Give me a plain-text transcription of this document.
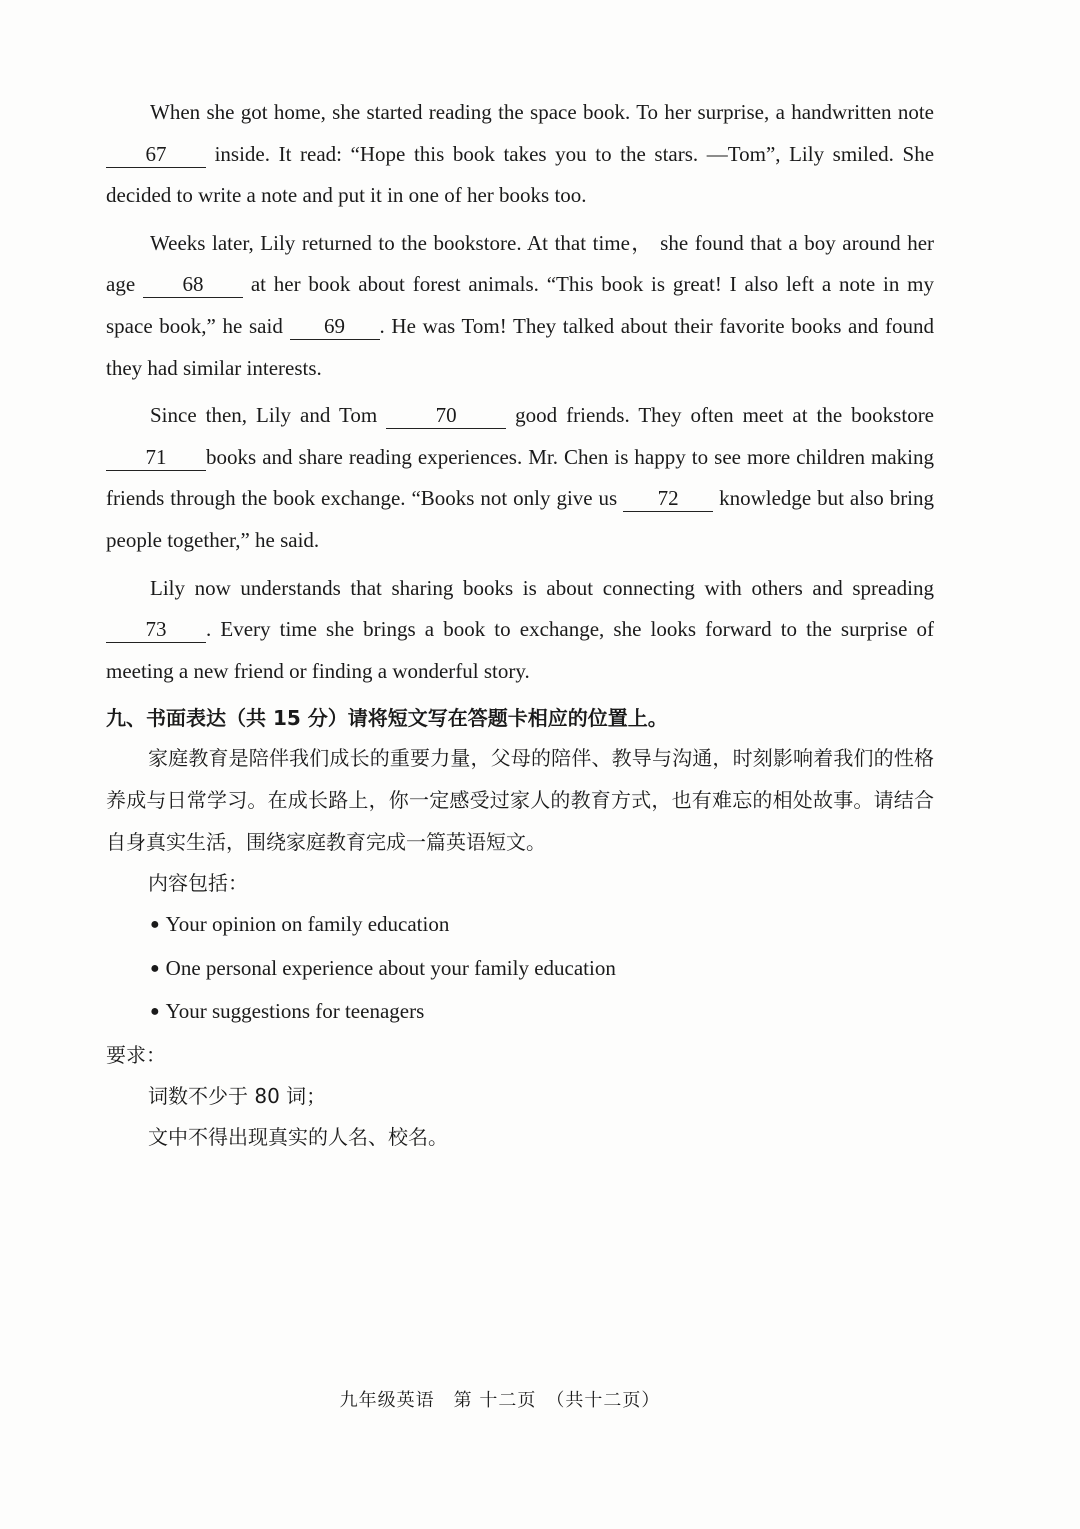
When she got home, she started reading the space book. To her surprise, a handwritten note 67 inside. It read: “Hope this book takes you to the stars. —Tom”, Lily smiled. She decided to write a note and put it in one of her books too.

Weeks later, Lily returned to the bookstore. At that time， she found that a boy around her age 68 at her book about forest animals. “This book is great! I also left a note in my space book,” he said 69 . He was Tom! They talked about their favorite books and found they had similar interests.

Since then, Lily and Tom	70	good friends. They often meet at the bookstore 71 books and share reading experiences. Mr. Chen is happy to see more children making friends through the book exchange. “Books not only give us 72 knowledge but also bring people together,” he said.

Lily now understands that sharing books is about connecting with others and spreading 73 . Every time she brings a book to exchange, she looks forward to the surprise of meeting a new friend or finding a wonderful story.

九、书面表达（共 15 分）请将短文写在答题卡相应的位置上。

家庭教育是陪伴我们成长的重要力量，父母的陪伴、教导与沟通，时刻影响着我们的性格养成与日常学习。在成长路上，你一定感受过家人的教育方式，也有难忘的相处故事。请结合自身真实生活，围绕家庭教育完成一篇英语短文。

内容包括：

● Your opinion on family education

● One personal experience about your family education

● Your suggestions for teenagers

要求：

词数不少于 80 词；

文中不得出现真实的人名、校名。

九年级英语　第 十二页　（共十二页）
